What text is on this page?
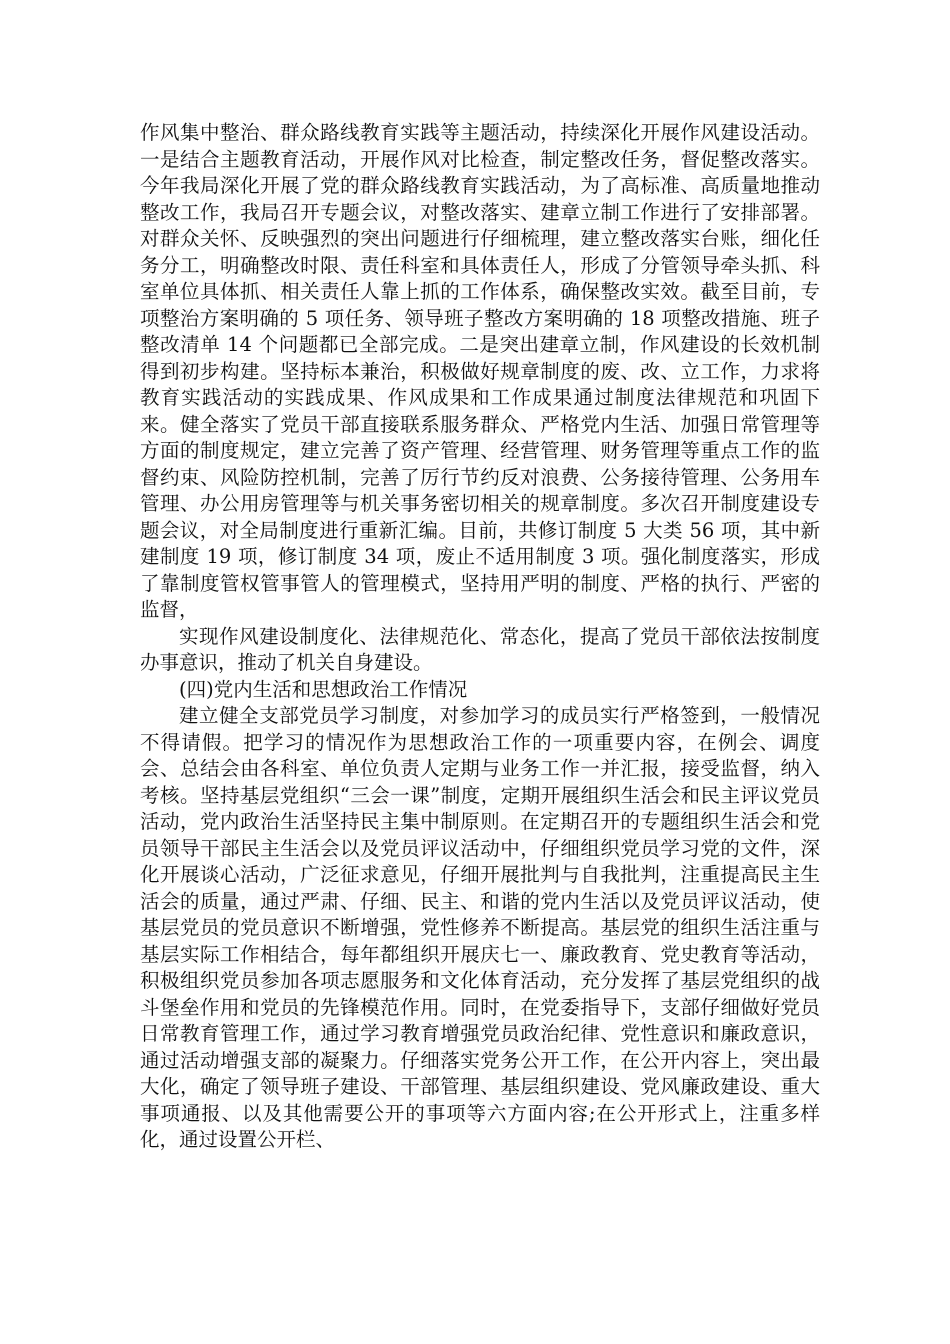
作风集中整治、群众路线教育实践等主题活动，持续深化开展作风建设活动。一是结合主题教育活动，开展作风对比检查，制定整改任务，督促整改落实。今年我局深化开展了党的群众路线教育实践活动，为了高标准、高质量地推动整改工作，我局召开专题会议，对整改落实、建章立制工作进行了安排部署。对群众关怀、反映强烈的突出问题进行仔细梳理，建立整改落实台账，细化任务分工，明确整改时限、责任科室和具体责任人，形成了分管领导牵头抓、科室单位具体抓、相关责任人靠上抓的工作体系，确保整改实效。截至目前，专项整治方案明确的 5 项任务、领导班子整改方案明确的 18 项整改措施、班子整改清单 14 个问题都已全部完成。二是突出建章立制，作风建设的长效机制得到初步构建。坚持标本兼治，积极做好规章制度的废、改、立工作，力求将教育实践活动的实践成果、作风成果和工作成果通过制度法律规范和巩固下来。健全落实了党员干部直接联系服务群众、严格党内生活、加强日常管理等方面的制度规定，建立完善了资产管理、经营管理、财务管理等重点工作的监督约束、风险防控机制，完善了厉行节约反对浪费、公务接待管理、公务用车管理、办公用房管理等与机关事务密切相关的规章制度。多次召开制度建设专题会议，对全局制度进行重新汇编。目前，共修订制度 5 大类 56 项，其中新建制度 19 项，修订制度 34 项，废止不适用制度 3 项。强化制度落实，形成了靠制度管权管事管人的管理模式，坚持用严明的制度、严格的执行、严密的监督，

实现作风建设制度化、法律规范化、常态化，提高了党员干部依法按制度办事意识，推动了机关自身建设。

(四)党内生活和思想政治工作情况

建立健全支部党员学习制度，对参加学习的成员实行严格签到，一般情况不得请假。把学习的情况作为思想政治工作的一项重要内容，在例会、调度会、总结会由各科室、单位负责人定期与业务工作一并汇报，接受监督，纳入考核。坚持基层党组织“三会一课”制度，定期开展组织生活会和民主评议党员活动，党内政治生活坚持民主集中制原则。在定期召开的专题组织生活会和党员领导干部民主生活会以及党员评议活动中，仔细组织党员学习党的文件，深化开展谈心活动，广泛征求意见，仔细开展批判与自我批判，注重提高民主生活会的质量，通过严肃、仔细、民主、和谐的党内生活以及党员评议活动，使基层党员的党员意识不断增强，党性修养不断提高。基层党的组织生活注重与基层实际工作相结合，每年都组织开展庆七一、廉政教育、党史教育等活动，积极组织党员参加各项志愿服务和文化体育活动，充分发挥了基层党组织的战斗堡垒作用和党员的先锋模范作用。同时，在党委指导下，支部仔细做好党员日常教育管理工作，通过学习教育增强党员政治纪律、党性意识和廉政意识，通过活动增强支部的凝聚力。仔细落实党务公开工作，在公开内容上，突出最大化，确定了领导班子建设、干部管理、基层组织建设、党风廉政建设、重大事项通报、以及其他需要公开的事项等六方面内容;在公开形式上，注重多样化，通过设置公开栏、
